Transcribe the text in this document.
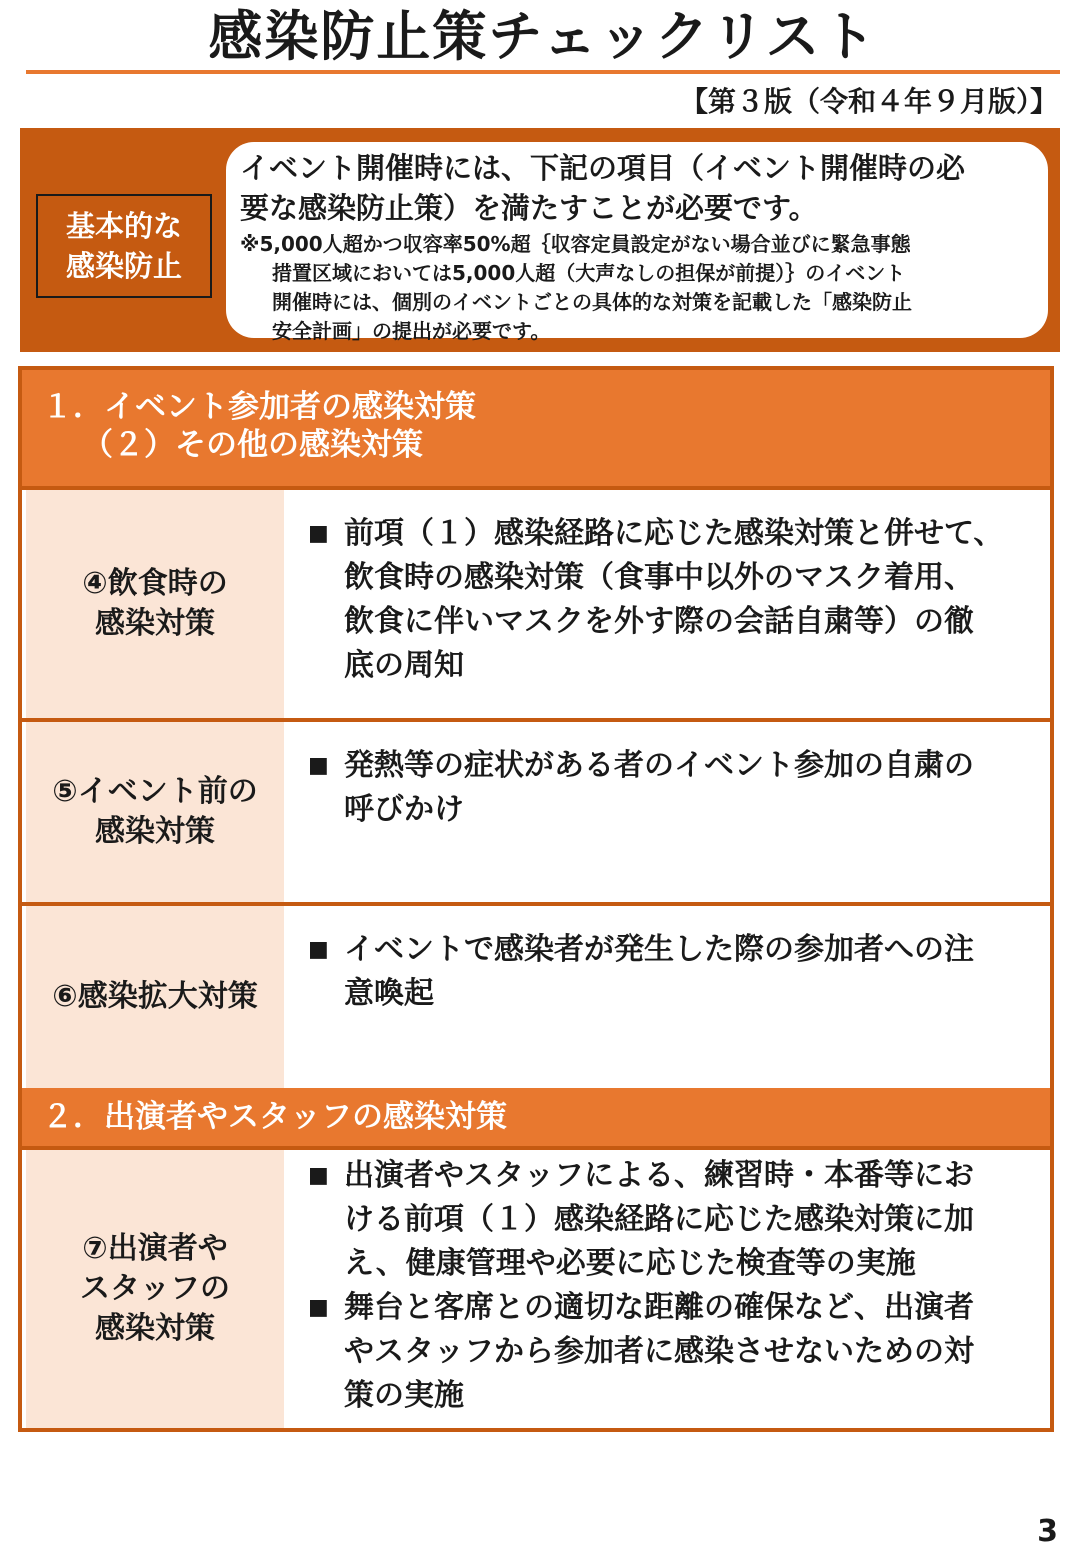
感染防止策チェックリスト
【第３版（令和４年９月版）】
基本的な
感染防止
イベント開催時には、下記の項目（イベント開催時の必
要な感染防止策）を満たすことが必要です。
※5,000人超かつ収容率50%超｛収容定員設定がない場合並びに緊急事態
措置区域においては5,000人超（大声なしの担保が前提）｝のイベント
開催時には、個別のイベントごとの具体的な対策を記載した「感染防止
安全計画」の提出が必要です。
１．イベント参加者の感染対策
（２）その他の感染対策
④飲食時の
感染対策
■ 前項（１）感染経路に応じた感染対策と併せて、
飲食時の感染対策（食事中以外のマスク着用、
飲食に伴いマスクを外す際の会話自粛等）の徹
底の周知
⑤イベント前の
感染対策
■ 発熱等の症状がある者のイベント参加の自粛の
呼びかけ
⑥感染拡大対策
■ イベントで感染者が発生した際の参加者への注
意喚起
２．出演者やスタッフの感染対策
⑦出演者や
スタッフの
感染対策
■ 出演者やスタッフによる、練習時・本番等にお
ける前項（１）感染経路に応じた感染対策に加
え、健康管理や必要に応じた検査等の実施
■ 舞台と客席との適切な距離の確保など、出演者
やスタッフから参加者に感染させないための対
策の実施
3
